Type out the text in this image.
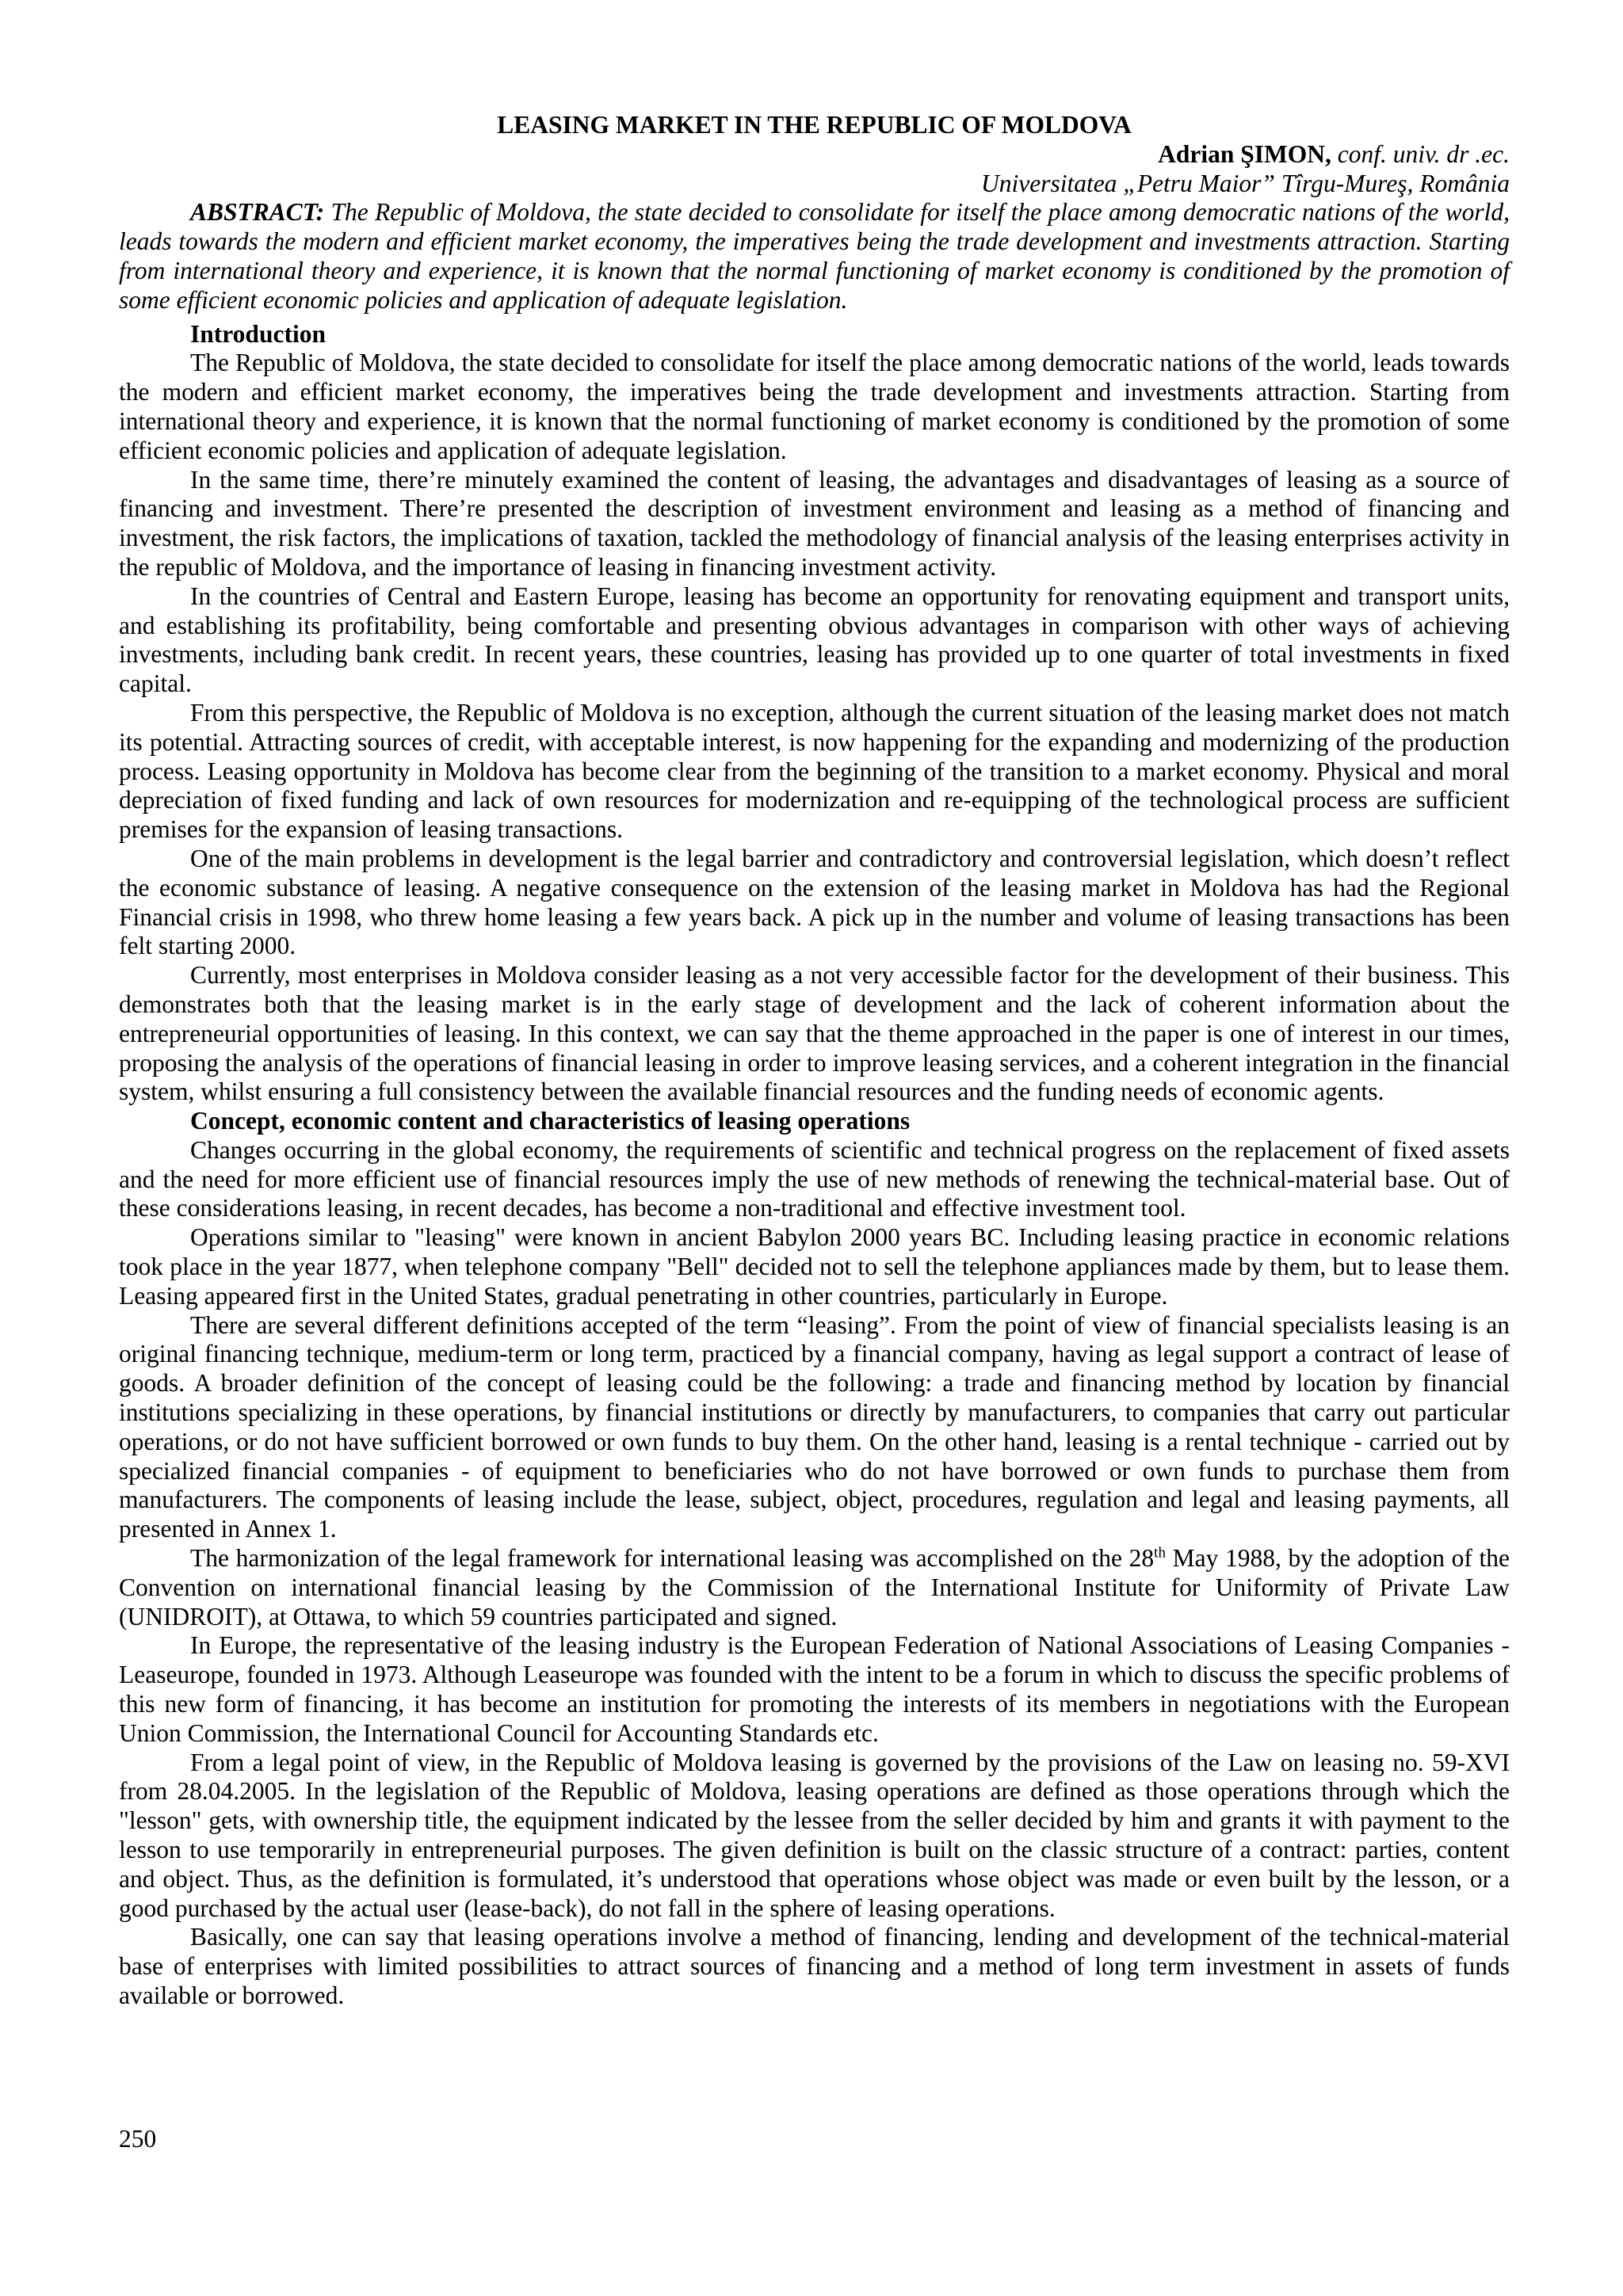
LEASING MARKET IN THE REPUBLIC OF MOLDOVA

Adrian ŞIMON, conf. univ. dr .ec.

Universitatea „Petru Maior” Tîrgu-Mureş, România

ABSTRACT: The Republic of Moldova, the state decided to consolidate for itself the place among democratic nations of the world, leads towards the modern and efficient market economy, the imperatives being the trade development and investments attraction. Starting from international theory and experience, it is known that the normal functioning of market economy is conditioned by the promotion of some efficient economic policies and application of adequate legislation.

Introduction

The Republic of Moldova, the state decided to consolidate for itself the place among democratic nations of the world, leads towards the modern and efficient market economy, the imperatives being the trade development and investments attraction. Starting from international theory and experience, it is known that the normal functioning of market economy is conditioned by the promotion of some efficient economic policies and application of adequate legislation.

In the same time, there’re minutely examined the content of leasing, the advantages and disadvantages of leasing as a source of financing and investment. There’re presented the description of investment environment and leasing as a method of financing and investment, the risk factors, the implications of taxation, tackled the methodology of financial analysis of the leasing enterprises activity in the republic of Moldova, and the importance of leasing in financing investment activity.

In the countries of Central and Eastern Europe, leasing has become an opportunity for renovating equipment and transport units, and establishing its profitability, being comfortable and presenting obvious advantages in comparison with other ways of achieving investments, including bank credit. In recent years, these countries, leasing has provided up to one quarter of total investments in fixed capital.

From this perspective, the Republic of Moldova is no exception, although the current situation of the leasing market does not match its potential. Attracting sources of credit, with acceptable interest, is now happening for the expanding and modernizing of the production process. Leasing opportunity in Moldova has become clear from the beginning of the transition to a market economy. Physical and moral depreciation of fixed funding and lack of own resources for modernization and re-equipping of the technological process are sufficient premises for the expansion of leasing transactions.

One of the main problems in development is the legal barrier and contradictory and controversial legislation, which doesn’t reflect the economic substance of leasing. A negative consequence on the extension of the leasing market in Moldova has had the Regional Financial crisis in 1998, who threw home leasing a few years back. A pick up in the number and volume of leasing transactions has been felt starting 2000.

Currently, most enterprises in Moldova consider leasing as a not very accessible factor for the development of their business. This demonstrates both that the leasing market is in the early stage of development and the lack of coherent information about the entrepreneurial opportunities of leasing. In this context, we can say that the theme approached in the paper is one of interest in our times, proposing the analysis of the operations of financial leasing in order to improve leasing services, and a coherent integration in the financial system, whilst ensuring a full consistency between the available financial resources and the funding needs of economic agents.

Concept, economic content and characteristics of leasing operations

Changes occurring in the global economy, the requirements of scientific and technical progress on the replacement of fixed assets and the need for more efficient use of financial resources imply the use of new methods of renewing the technical-material base. Out of these considerations leasing, in recent decades, has become a non-traditional and effective investment tool.

Operations similar to "leasing" were known in ancient Babylon 2000 years BC. Including leasing practice in economic relations took place in the year 1877, when telephone company "Bell" decided not to sell the telephone appliances made by them, but to lease them. Leasing appeared first in the United States, gradual penetrating in other countries, particularly in Europe.

There are several different definitions accepted of the term “leasing”. From the point of view of financial specialists leasing is an original financing technique, medium-term or long term, practiced by a financial company, having as legal support a contract of lease of goods. A broader definition of the concept of leasing could be the following: a trade and financing method by location by financial institutions specializing in these operations, by financial institutions or directly by manufacturers, to companies that carry out particular operations, or do not have sufficient borrowed or own funds to buy them. On the other hand, leasing is a rental technique - carried out by specialized financial companies - of equipment to beneficiaries who do not have borrowed or own funds to purchase them from manufacturers. The components of leasing include the lease, subject, object, procedures, regulation and legal and leasing payments, all presented in Annex 1.

The harmonization of the legal framework for international leasing was accomplished on the 28th May 1988, by the adoption of the Convention on international financial leasing by the Commission of the International Institute for Uniformity of Private Law (UNIDROIT), at Ottawa, to which 59 countries participated and signed.

In Europe, the representative of the leasing industry is the European Federation of National Associations of Leasing Companies - Leaseurope, founded in 1973. Although Leaseurope was founded with the intent to be a forum in which to discuss the specific problems of this new form of financing, it has become an institution for promoting the interests of its members in negotiations with the European Union Commission, the International Council for Accounting Standards etc.

From a legal point of view, in the Republic of Moldova leasing is governed by the provisions of the Law on leasing no. 59-XVI from 28.04.2005. In the legislation of the Republic of Moldova, leasing operations are defined as those operations through which the "lesson" gets, with ownership title, the equipment indicated by the lessee from the seller decided by him and grants it with payment to the lesson to use temporarily in entrepreneurial purposes. The given definition is built on the classic structure of a contract: parties, content and object. Thus, as the definition is formulated, it’s understood that operations whose object was made or even built by the lesson, or a good purchased by the actual user (lease-back), do not fall in the sphere of leasing operations.

Basically, one can say that leasing operations involve a method of financing, lending and development of the technical-material base of enterprises with limited possibilities to attract sources of financing and a method of long term investment in assets of funds available or borrowed.

250
